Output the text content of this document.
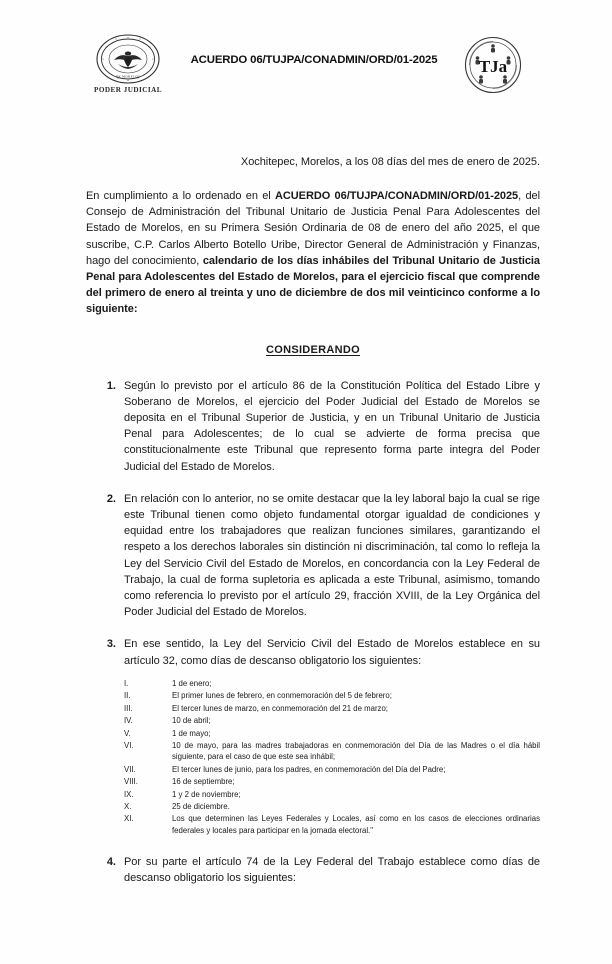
DE MORELOS
PODER JUDICIAL
ACUERDO 06/TUJPA/CONADMIN/ORD/01-2025	TJa
Xochitepec, Morelos, a los 08 días del mes de enero de 2025.

En cumplimiento a lo ordenado en el ACUERDO 06/TUJPA/CONADMIN/ORD/01-2025, del Consejo de Administración del Tribunal Unitario de Justicia Penal Para Adolescentes del Estado de Morelos, en su Primera Sesión Ordinaria de 08 de enero del año 2025, el que suscribe, C.P. Carlos Alberto Botello Uribe, Director General de Administración y Finanzas, hago del conocimiento, calendario de los días inhábiles del Tribunal Unitario de Justicia Penal para Adolescentes del Estado de Morelos, para el ejercicio fiscal que comprende del primero de enero al treinta y uno de diciembre de dos mil veinticinco conforme a lo siguiente:

CONSIDERANDO
1. Según lo previsto por el artículo 86 de la Constitución Política del Estado Libre y Soberano de Morelos, el ejercicio del Poder Judicial del Estado de Morelos se deposita en el Tribunal Superior de Justicia, y en un Tribunal Unitario de Justicia Penal para Adolescentes; de lo cual se advierte de forma precisa que constitucionalmente este Tribunal que represento forma parte integra del Poder Judicial del Estado de Morelos.
2. En relación con lo anterior, no se omite destacar que la ley laboral bajo la cual se rige este Tribunal tienen como objeto fundamental otorgar igualdad de condiciones y equidad entre los trabajadores que realizan funciones similares, garantizando el respeto a los derechos laborales sin distinción ni discriminación, tal como lo refleja la Ley del Servicio Civil del Estado de Morelos, en concordancia con la Ley Federal de Trabajo, la cual de forma supletoria es aplicada a este Tribunal, asimismo, tomando como referencia lo previsto por el artículo 29, fracción XVIII, de la Ley Orgánica del Poder Judicial del Estado de Morelos.
3. En ese sentido, la Ley del Servicio Civil del Estado de Morelos establece en su artículo 32, como días de descanso obligatorio los siguientes:
I.	1 de enero;
II.	El primer lunes de febrero, en conmemoración del 5 de febrero;
III.	El tercer lunes de marzo, en conmemoración del 21 de marzo;
IV.	10 de abril;
V.	1 de mayo;
VI.	10 de mayo, para las madres trabajadoras en conmemoración del Día de las Madres o el día hábil siguiente, para el caso de que este sea inhábil;
VII.	El tercer lunes de junio, para los padres, en conmemoración del Día del Padre;
VIII.	16 de septiembre;
IX.	1 y 2 de noviembre;
X.	25 de diciembre.
XI.	Los que determinen las Leyes Federales y Locales, así como en los casos de elecciones ordinarias federales y locales para participar en la jornada electoral."
4. Por su parte el artículo 74 de la Ley Federal del Trabajo establece como días de descanso obligatorio los siguientes:
